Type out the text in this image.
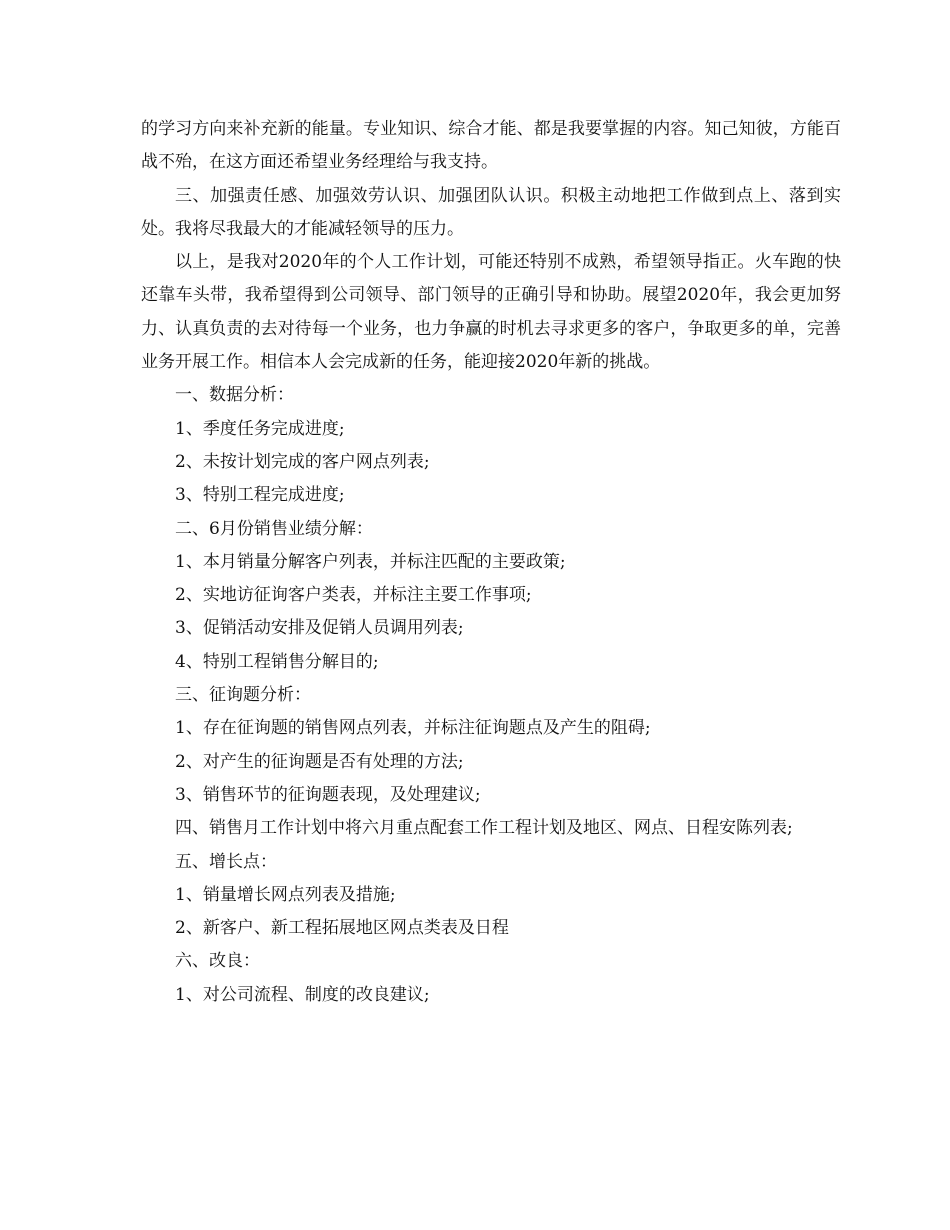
的学习方向来补充新的能量。专业知识、综合才能、都是我要掌握的内容。知己知彼，方能百战不殆，在这方面还希望业务经理给与我支持。

三、加强责任感、加强效劳认识、加强团队认识。积极主动地把工作做到点上、落到实处。我将尽我最大的才能减轻领导的压力。

以上，是我对2020年的个人工作计划，可能还特别不成熟，希望领导指正。火车跑的快还靠车头带，我希望得到公司领导、部门领导的正确引导和协助。展望2020年，我会更加努力、认真负责的去对待每一个业务，也力争赢的时机去寻求更多的客户，争取更多的单，完善业务开展工作。相信本人会完成新的任务，能迎接2020年新的挑战。

一、数据分析：

1、季度任务完成进度;

2、未按计划完成的客户网点列表;

3、特别工程完成进度;

二、6月份销售业绩分解：

1、本月销量分解客户列表，并标注匹配的主要政策;

2、实地访征询客户类表，并标注主要工作事项;

3、促销活动安排及促销人员调用列表;

4、特别工程销售分解目的;

三、征询题分析：

1、存在征询题的销售网点列表，并标注征询题点及产生的阻碍;

2、对产生的征询题是否有处理的方法;

3、销售环节的征询题表现，及处理建议;

四、销售月工作计划中将六月重点配套工作工程计划及地区、网点、日程安陈列表;

五、增长点：

1、销量增长网点列表及措施;

2、新客户、新工程拓展地区网点类表及日程

六、改良：

1、对公司流程、制度的改良建议;
